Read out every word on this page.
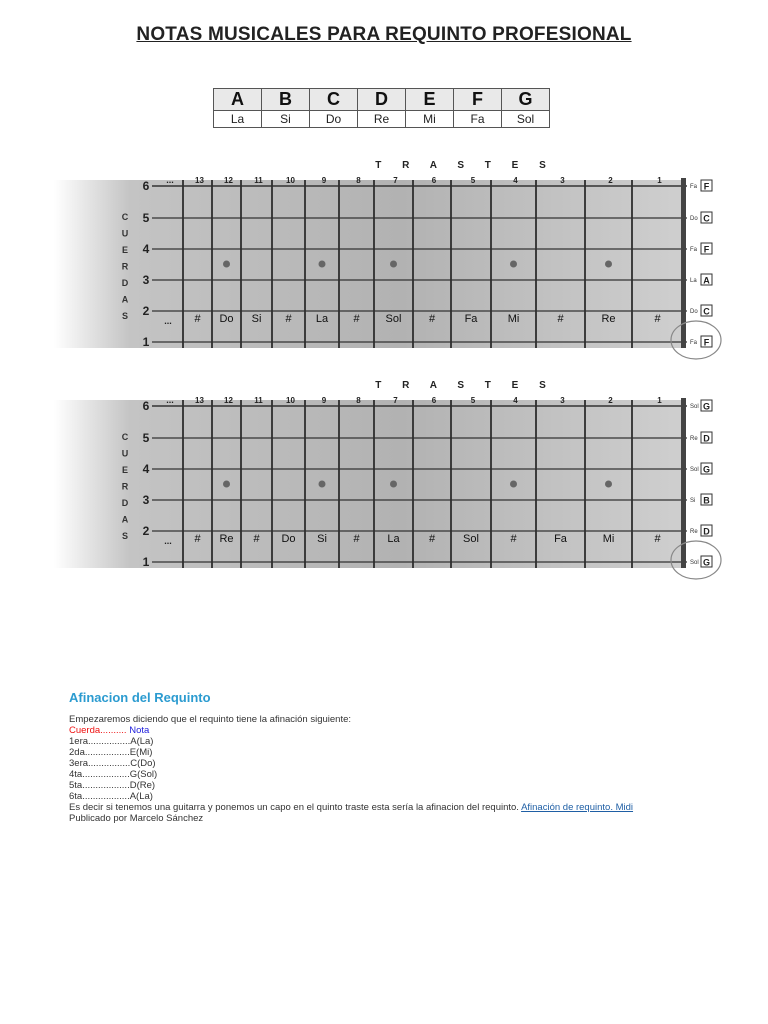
NOTAS MUSICALES PARA REQUINTO PROFESIONAL
A	B	C	D	E	F	G
La	Si	Do	Re	Mi	Fa	Sol
T R A S T E S
13	12	11	10	9	8	7	6	5	4	3	2	1
...
C
U
E
R
D
A
S
6
5
4
3
2
1
... # Do Si # La # Sol #	Fa	Mi	#	Re	#
Fa F
Do C
Fa F
La A
Do C
Fa F
T R A S T E S
13	12	11	10	9	8	7	6	5	4	3	2	1
...
C
U
E
R
D
A
S
6
5
4
3
2
1
... # Re # Do Si #	La	#	Sol	#	Fa	Mi	#
Sol G
Re D
Sol G
Si B
Re D
Sol G
Afinacion del Requinto
Empezaremos diciendo que el requinto tiene la afinación siguiente:
Cuerda.......... Nota
1era................A(La)
2da.................E(Mi)
3era................C(Do)
4ta..................G(Sol)
5ta..................D(Re)
6ta..................A(La)
Es decir si tenemos una guitarra y ponemos un capo en el quinto traste esta sería la afinacion del requinto. Afinación de requinto. Midi
Publicado por Marcelo Sánchez
